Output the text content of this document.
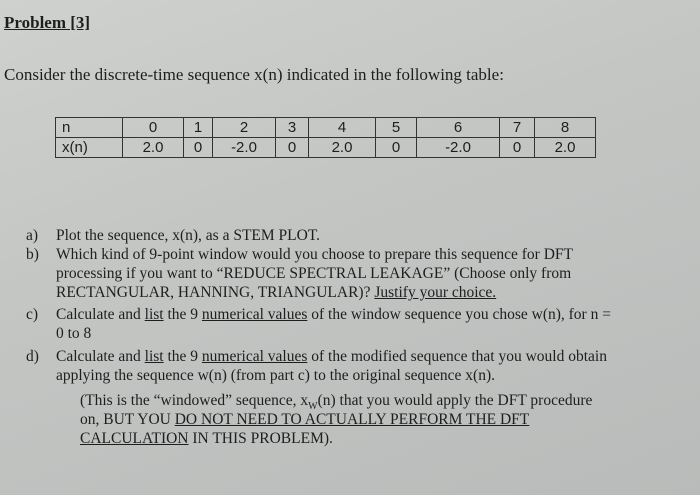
Problem [3]
Consider the discrete-time sequence x(n) indicated in the following table:
n	0	1	2	3	4	5	6	7	8
x(n)	2.0	0	-2.0	0	2.0	0	-2.0	0	2.0
a) Plot the sequence, x(n), as a STEM PLOT.
b) Which kind of 9-point window would you choose to prepare this sequence for DFT
processing if you want to “REDUCE SPECTRAL LEAKAGE” (Choose only from
RECTANGULAR, HANNING, TRIANGULAR)? Justify your choice.
c) Calculate and list the 9 numerical values of the window sequence you chose w(n), for n =
0 to 8
d) Calculate and list the 9 numerical values of the modified sequence that you would obtain
applying the sequence w(n) (from part c) to the original sequence x(n).
(This is the “windowed” sequence, $x_W(n)$ that you would apply the DFT procedure
on, BUT YOU DO NOT NEED TO ACTUALLY PERFORM THE DFT
CALCULATION IN THIS PROBLEM).
